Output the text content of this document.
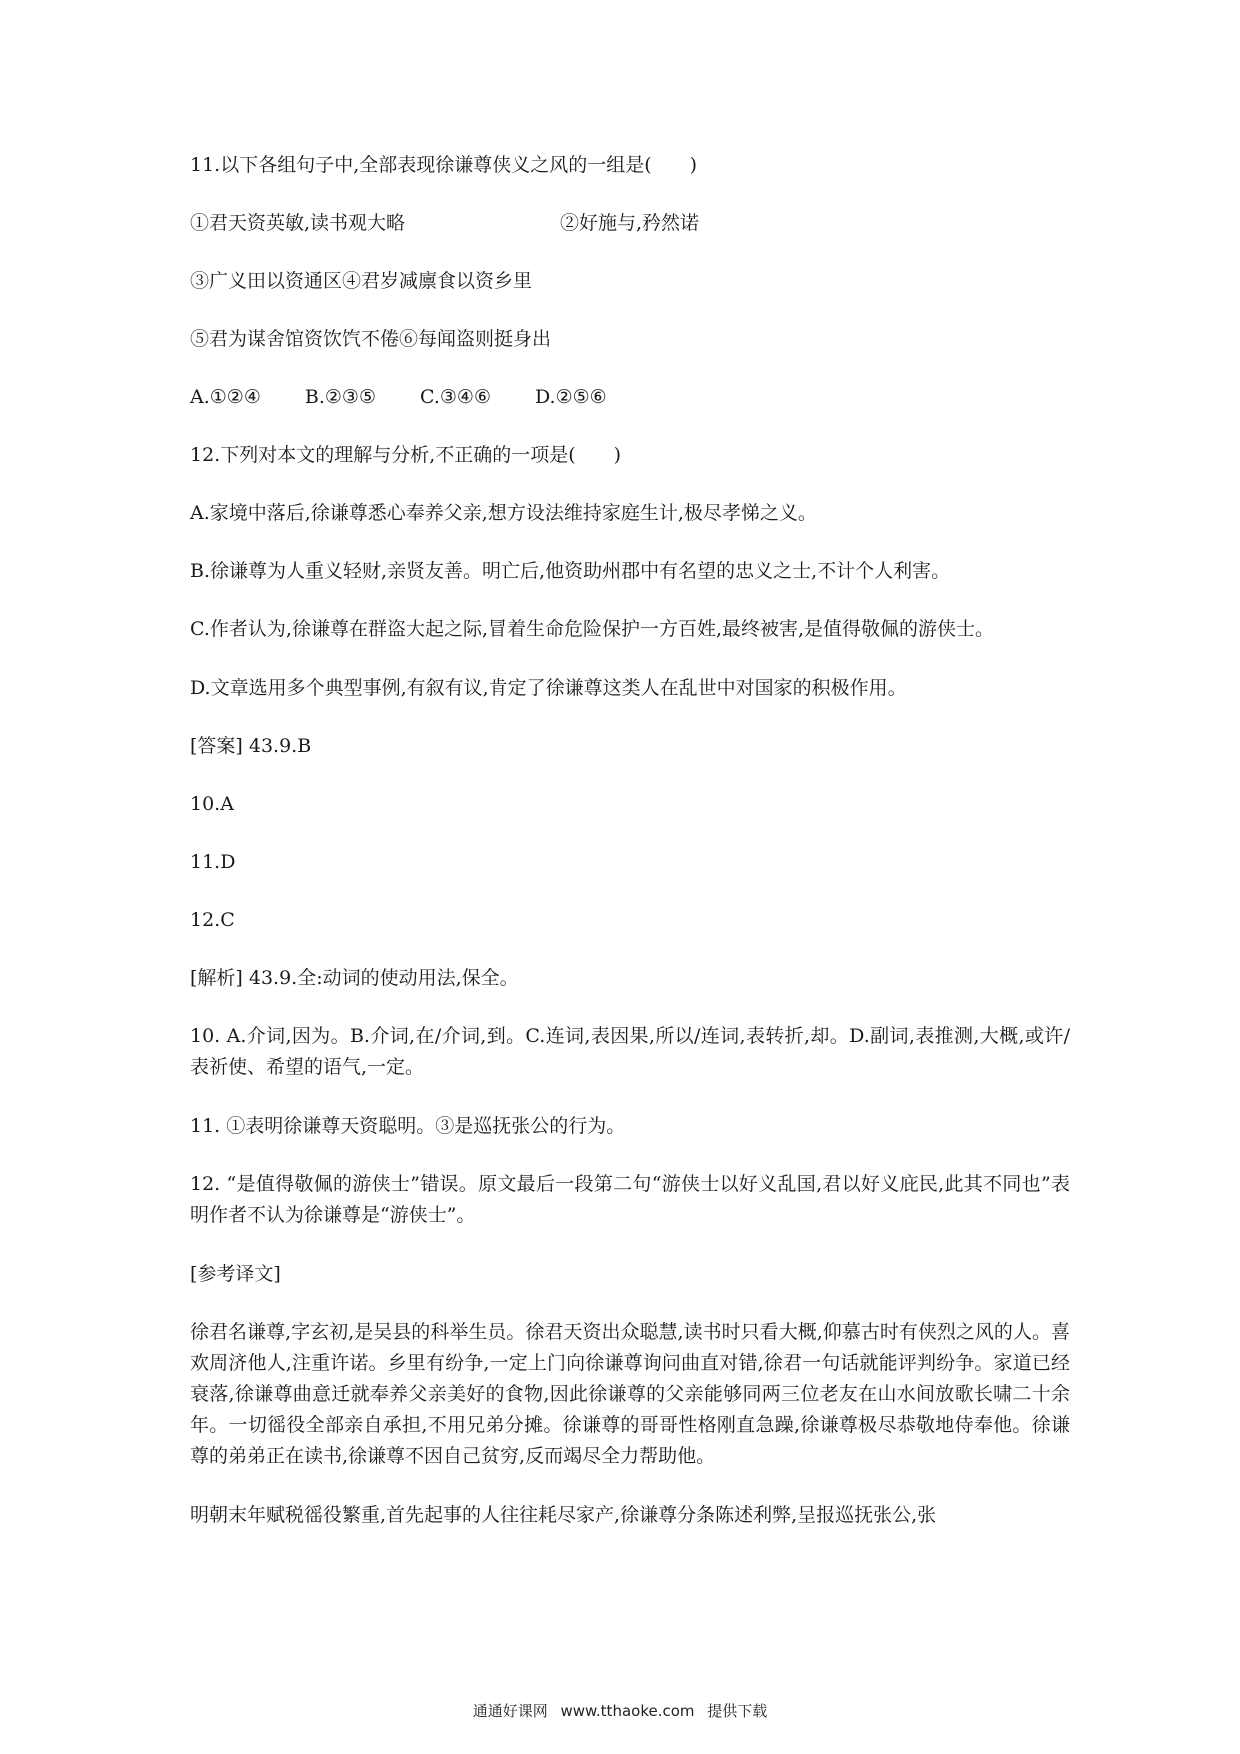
11.以下各组句子中,全部表现徐谦尊侠义之风的一组是(　　)
①君天资英敏,读书观大略	②好施与,矜然诺
③广义田以资通区④君岁减廪食以资乡里
⑤君为谋舍馆资饮饩不倦⑥每闻盗则挺身出
A.①②④ B.②③⑤ C.③④⑥ D.②⑤⑥
12.下列对本文的理解与分析,不正确的一项是(　　)
A.家境中落后,徐谦尊悉心奉养父亲,想方设法维持家庭生计,极尽孝悌之义。
B.徐谦尊为人重义轻财,亲贤友善。明亡后,他资助州郡中有名望的忠义之士,不计个人利害。
C.作者认为,徐谦尊在群盗大起之际,冒着生命危险保护一方百姓,最终被害,是值得敬佩的游侠士。
D.文章选用多个典型事例,有叙有议,肯定了徐谦尊这类人在乱世中对国家的积极作用。
[答案] 43.9.B
10.A
11.D
12.C
[解析] 43.9.全:动词的使动用法,保全。
10. A.介词,因为。B.介词,在/介词,到。C.连词,表因果,所以/连词,表转折,却。D.副词,表推测,大概,或许/表祈使、希望的语气,一定。
11. ①表明徐谦尊天资聪明。③是巡抚张公的行为。
12. “是值得敬佩的游侠士”错误。原文最后一段第二句“游侠士以好义乱国,君以好义庇民,此其不同也”表明作者不认为徐谦尊是“游侠士”。
[参考译文]
徐君名谦尊,字玄初,是吴县的科举生员。徐君天资出众聪慧,读书时只看大概,仰慕古时有侠烈之风的人。喜欢周济他人,注重许诺。乡里有纷争,一定上门向徐谦尊询问曲直对错,徐君一句话就能评判纷争。家道已经衰落,徐谦尊曲意迁就奉养父亲美好的食物,因此徐谦尊的父亲能够同两三位老友在山水间放歌长啸二十余年。一切徭役全部亲自承担,不用兄弟分摊。徐谦尊的哥哥性格刚直急躁,徐谦尊极尽恭敬地侍奉他。徐谦尊的弟弟正在读书,徐谦尊不因自己贫穷,反而竭尽全力帮助他。
明朝末年赋税徭役繁重,首先起事的人往往耗尽家产,徐谦尊分条陈述利弊,呈报巡抚张公,张
通通好课网 www.tthaoke.com 提供下载
